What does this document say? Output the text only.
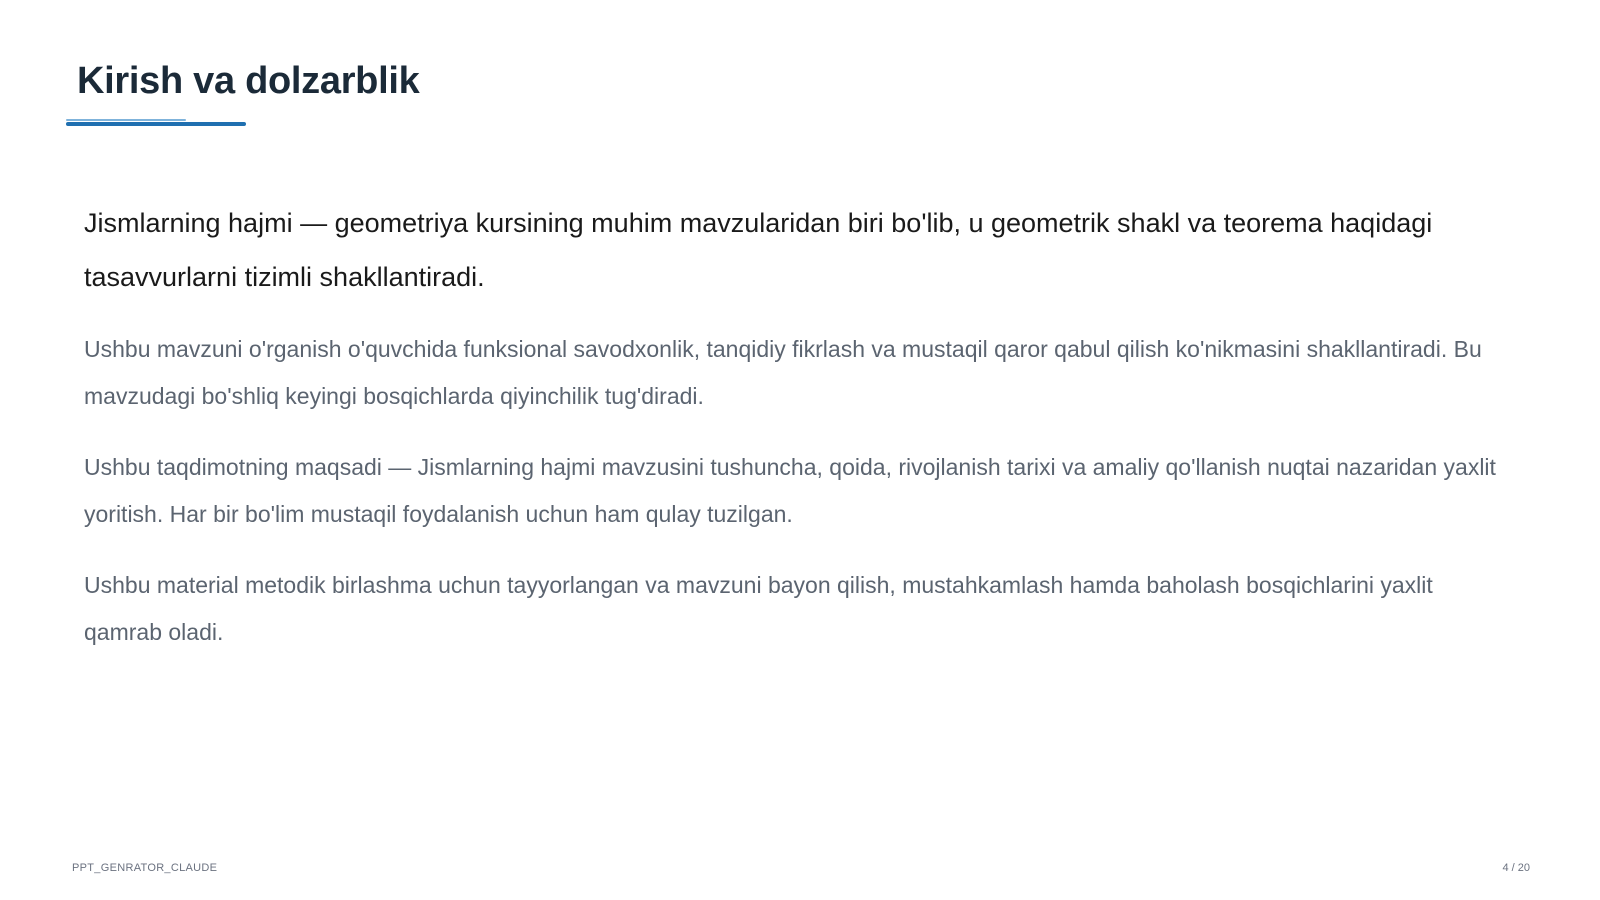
Kirish va dolzarblik

Jismlarning hajmi — geometriya kursining muhim mavzularidan biri bo'lib, u geometrik shakl va teorema haqidagi tasavvurlarni tizimli shakllantiradi.

Ushbu mavzuni o'rganish o'quvchida funksional savodxonlik, tanqidiy fikrlash va mustaqil qaror qabul qilish ko'nikmasini shakllantiradi. Bu mavzudagi bo'shliq keyingi bosqichlarda qiyinchilik tug'diradi.

Ushbu taqdimotning maqsadi — Jismlarning hajmi mavzusini tushuncha, qoida, rivojlanish tarixi va amaliy qo'llanish nuqtai nazaridan yaxlit yoritish. Har bir bo'lim mustaqil foydalanish uchun ham qulay tuzilgan.

Ushbu material metodik birlashma uchun tayyorlangan va mavzuni bayon qilish, mustahkamlash hamda baholash bosqichlarini yaxlit qamrab oladi.

PPT_GENRATOR_CLAUDE	4 / 20
